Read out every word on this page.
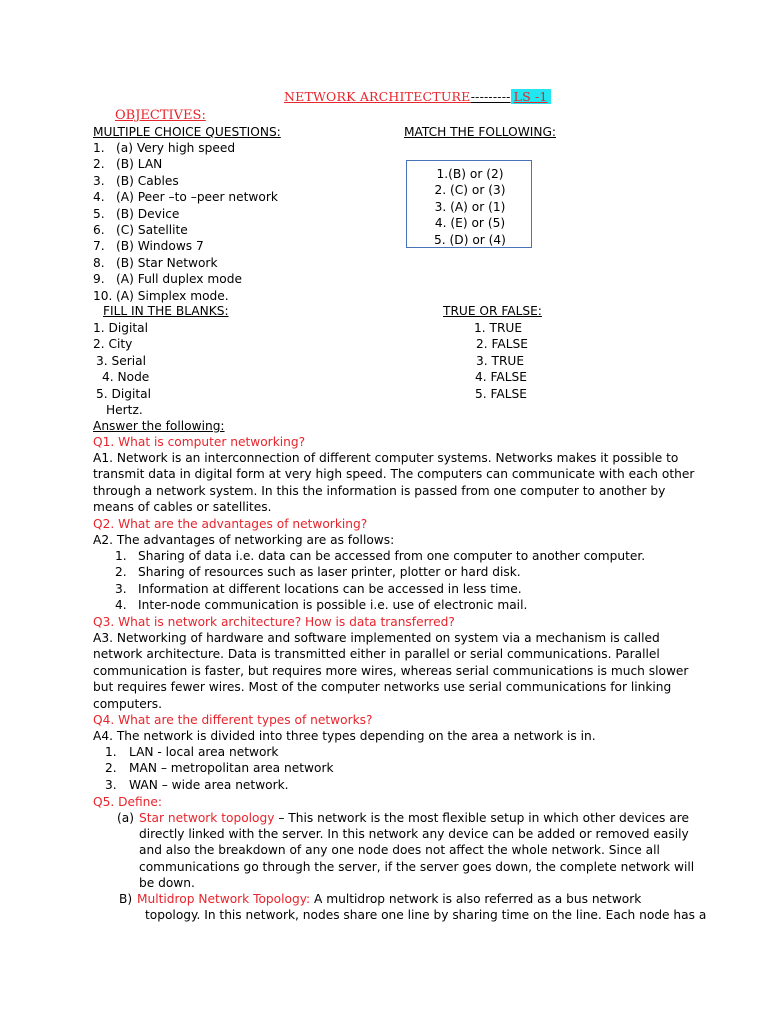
NETWORK ARCHITECTURE--------- LS -1
OBJECTIVES:
MULTIPLE CHOICE QUESTIONS:
1. (a) Very high speed
2. (B) LAN
3. (B) Cables
4. (A) Peer –to –peer network
5. (B) Device
6. (C) Satellite
7. (B) Windows 7
8. (B) Star Network
9. (A) Full duplex mode
10. (A) Simplex mode.
MATCH THE FOLLOWING:
1.(B) or (2)
2. (C) or (3)
3. (A) or (1)
4. (E) or (5)
5. (D) or (4)
FILL IN THE BLANKS:
1. Digital
2. City
3. Serial
4. Node
5. Digital
Hertz.
TRUE OR FALSE:
1. TRUE
2. FALSE
3. TRUE
4. FALSE
5. FALSE
Answer the following:
Q1. What is computer networking?
A1. Network is an interconnection of different computer systems. Networks makes it possible to
transmit data in digital form at very high speed. The computers can communicate with each other
through a network system. In this the information is passed from one computer to another by
means of cables or satellites.
Q2. What are the advantages of networking?
A2. The advantages of networking are as follows:
1. Sharing of data i.e. data can be accessed from one computer to another computer.
2. Sharing of resources such as laser printer, plotter or hard disk.
3. Information at different locations can be accessed in less time.
4. Inter-node communication is possible i.e. use of electronic mail.
Q3. What is network architecture? How is data transferred?
A3. Networking of hardware and software implemented on system via a mechanism is called
network architecture. Data is transmitted either in parallel or serial communications. Parallel
communication is faster, but requires more wires, whereas serial communications is much slower
but requires fewer wires. Most of the computer networks use serial communications for linking
computers.
Q4. What are the different types of networks?
A4. The network is divided into three types depending on the area a network is in.
1. LAN - local area network
2. MAN – metropolitan area network
3. WAN – wide area network.
Q5. Define:
(a) Star network topology – This network is the most flexible setup in which other devices are
directly linked with the server. In this network any device can be added or removed easily
and also the breakdown of any one node does not affect the whole network. Since all
communications go through the server, if the server goes down, the complete network will
be down.
B) Multidrop Network Topology: A multidrop network is also referred as a bus network
topology. In this network, nodes share one line by sharing time on the line. Each node has a
